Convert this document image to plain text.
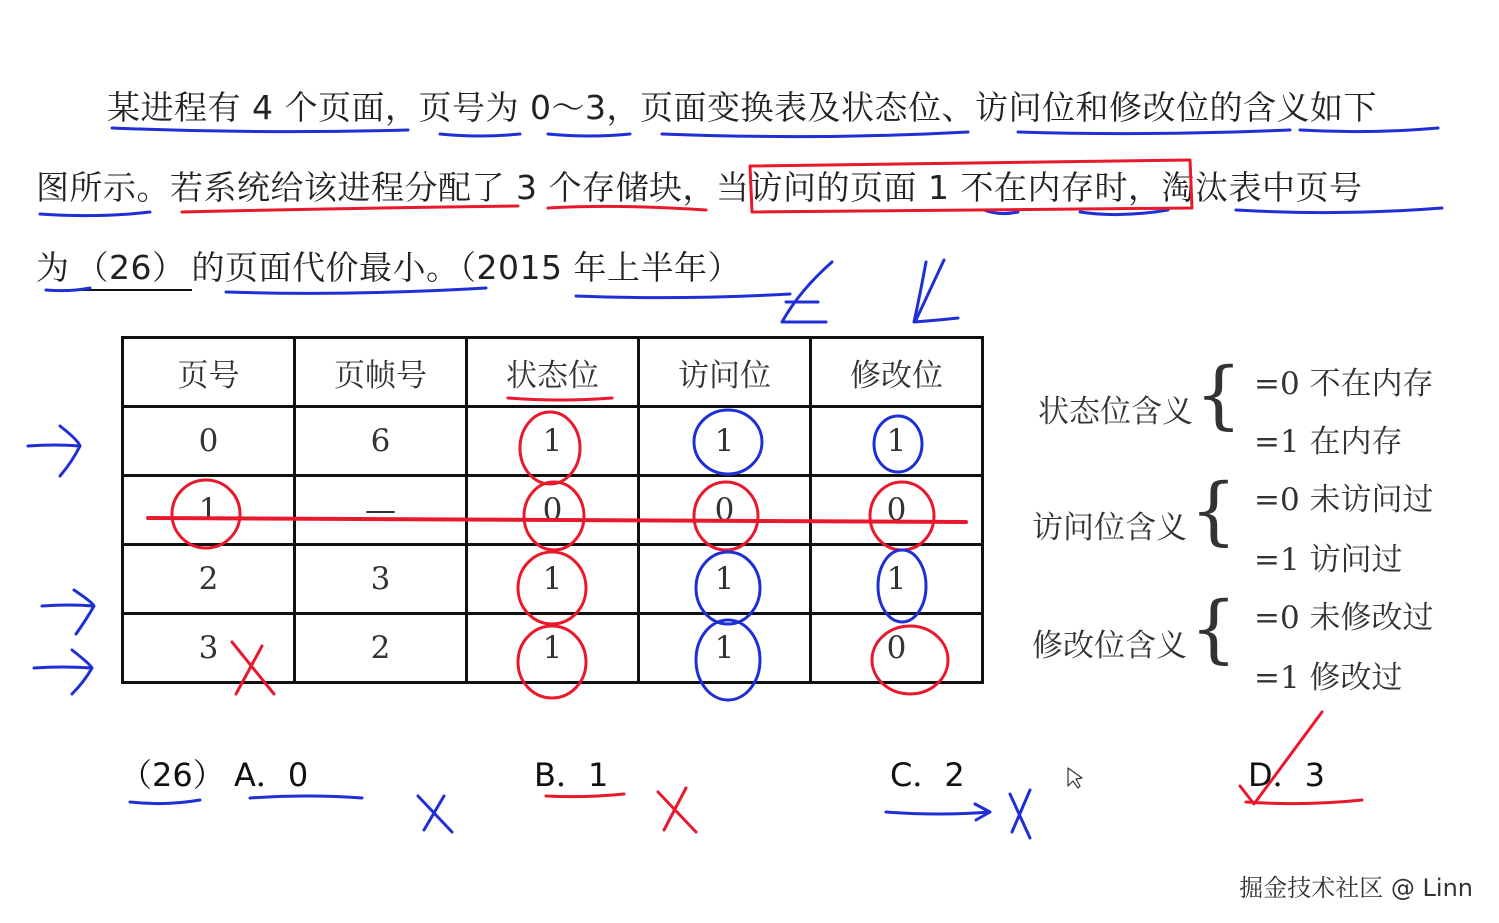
某进程有 4 个页面，页号为 0～3，页面变换表及状态位、访问位和修改位的含义如下
图所示。若系统给该进程分配了 3 个存储块，当访问的页面 1 不在内存时，淘汰表中页号
为 （26） 的页面代价最小。（2015 年上半年）
页号	页帧号	状态位	访问位	修改位
0	6	1	1	1
1	—	0	0	0
2	3	1	1	1
3	2	1	1	0
状态位含义 { =0 不在内存
=1 在内存
访问位含义 { =0 未访问过
=1 访问过
修改位含义 { =0 未修改过
=1 修改过
（26） A．0	B．1	C．2	D．3
掘金技术社区 @ Linn
